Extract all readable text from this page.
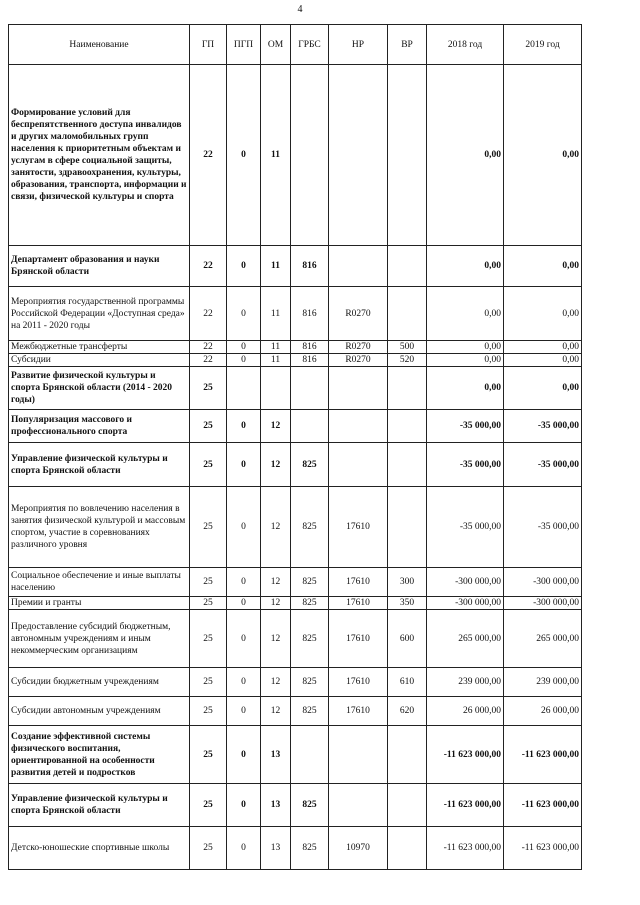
4
Наименование	ГП	ПГП	ОМ	ГРБС	НР	ВР	2018 год	2019 год
Формирование условий для беспрепятственного доступа инвалидов и других маломобильных групп населения к приоритетным объектам и услугам в сфере социальной защиты, занятости, здравоохранения, культуры, образования, транспорта, информации и связи, физической культуры и спорта	22	0	11				0,00	0,00
Департамент образования и науки Брянской области	22	0	11	816			0,00	0,00
Мероприятия государственной программы Российской Федерации «Доступная среда» на 2011 - 2020 годы	22	0	11	816	R0270		0,00	0,00
Межбюджетные трансферты	22	0	11	816	R0270	500	0,00	0,00
Субсидии	22	0	11	816	R0270	520	0,00	0,00
Развитие физической культуры и спорта Брянской области (2014 - 2020 годы)	25						0,00	0,00
Популяризация массового и профессионального спорта	25	0	12				-35 000,00	-35 000,00
Управление физической культуры и спорта Брянской области	25	0	12	825			-35 000,00	-35 000,00
Мероприятия по вовлечению населения в занятия физической культурой и массовым спортом, участие в соревнованиях различного уровня	25	0	12	825	17610		-35 000,00	-35 000,00
Социальное обеспечение и иные выплаты населению	25	0	12	825	17610	300	-300 000,00	-300 000,00
Премии и гранты	25	0	12	825	17610	350	-300 000,00	-300 000,00
Предоставление субсидий бюджетным, автономным учреждениям и иным некоммерческим организациям	25	0	12	825	17610	600	265 000,00	265 000,00
Субсидии бюджетным учреждениям	25	0	12	825	17610	610	239 000,00	239 000,00
Субсидии автономным учреждениям	25	0	12	825	17610	620	26 000,00	26 000,00
Создание эффективной системы физического воспитания, ориентированной на особенности развития детей и подростков	25	0	13				-11 623 000,00	-11 623 000,00
Управление физической культуры и спорта Брянской области	25	0	13	825			-11 623 000,00	-11 623 000,00
Детско-юношеские спортивные школы	25	0	13	825	10970		-11 623 000,00	-11 623 000,00
